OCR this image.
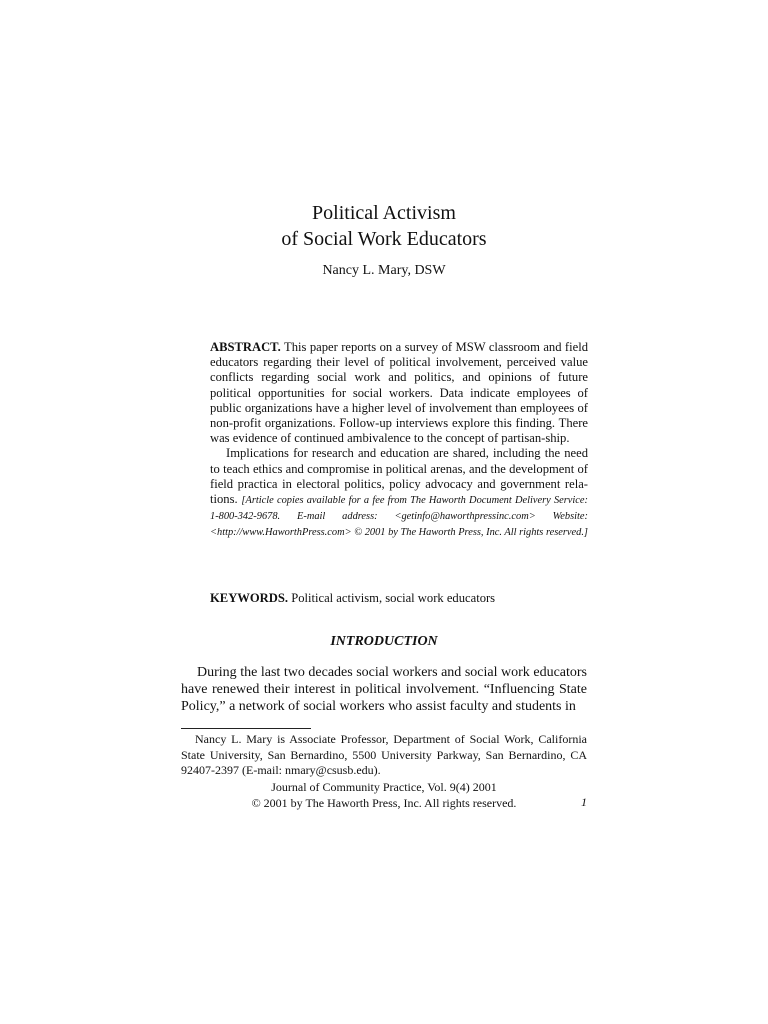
Political Activism
of Social Work Educators
Nancy L. Mary, DSW

ABSTRACT. This paper reports on a survey of MSW classroom and field educators regarding their level of political involvement, perceived value conflicts regarding social work and politics, and opinions of future political opportunities for social workers. Data indicate employees of public organizations have a higher level of involvement than employees of non-profit organizations. Follow-up interviews explore this finding. There was evidence of continued ambivalence to the concept of partisan-ship.

Implications for research and education are shared, including the need to teach ethics and compromise in political arenas, and the development of field practica in electoral politics, policy advocacy and government rela-tions. [Article copies available for a fee from The Haworth Document Delivery Service: 1-800-342-9678. E-mail address: <getinfo@haworthpressinc.com> Website: <http://www.HaworthPress.com> © 2001 by The Haworth Press, Inc. All rights reserved.]

KEYWORDS. Political activism, social work educators
INTRODUCTION

During the last two decades social workers and social work educators have renewed their interest in political involvement. “Influencing State Policy,” a network of social workers who assist faculty and students in

Nancy L. Mary is Associate Professor, Department of Social Work, California State University, San Bernardino, 5500 University Parkway, San Bernardino, CA 92407-2397 (E-mail: nmary@csusb.edu).

Journal of Community Practice, Vol. 9(4) 2001
© 2001 by The Haworth Press, Inc. All rights reserved.	1
